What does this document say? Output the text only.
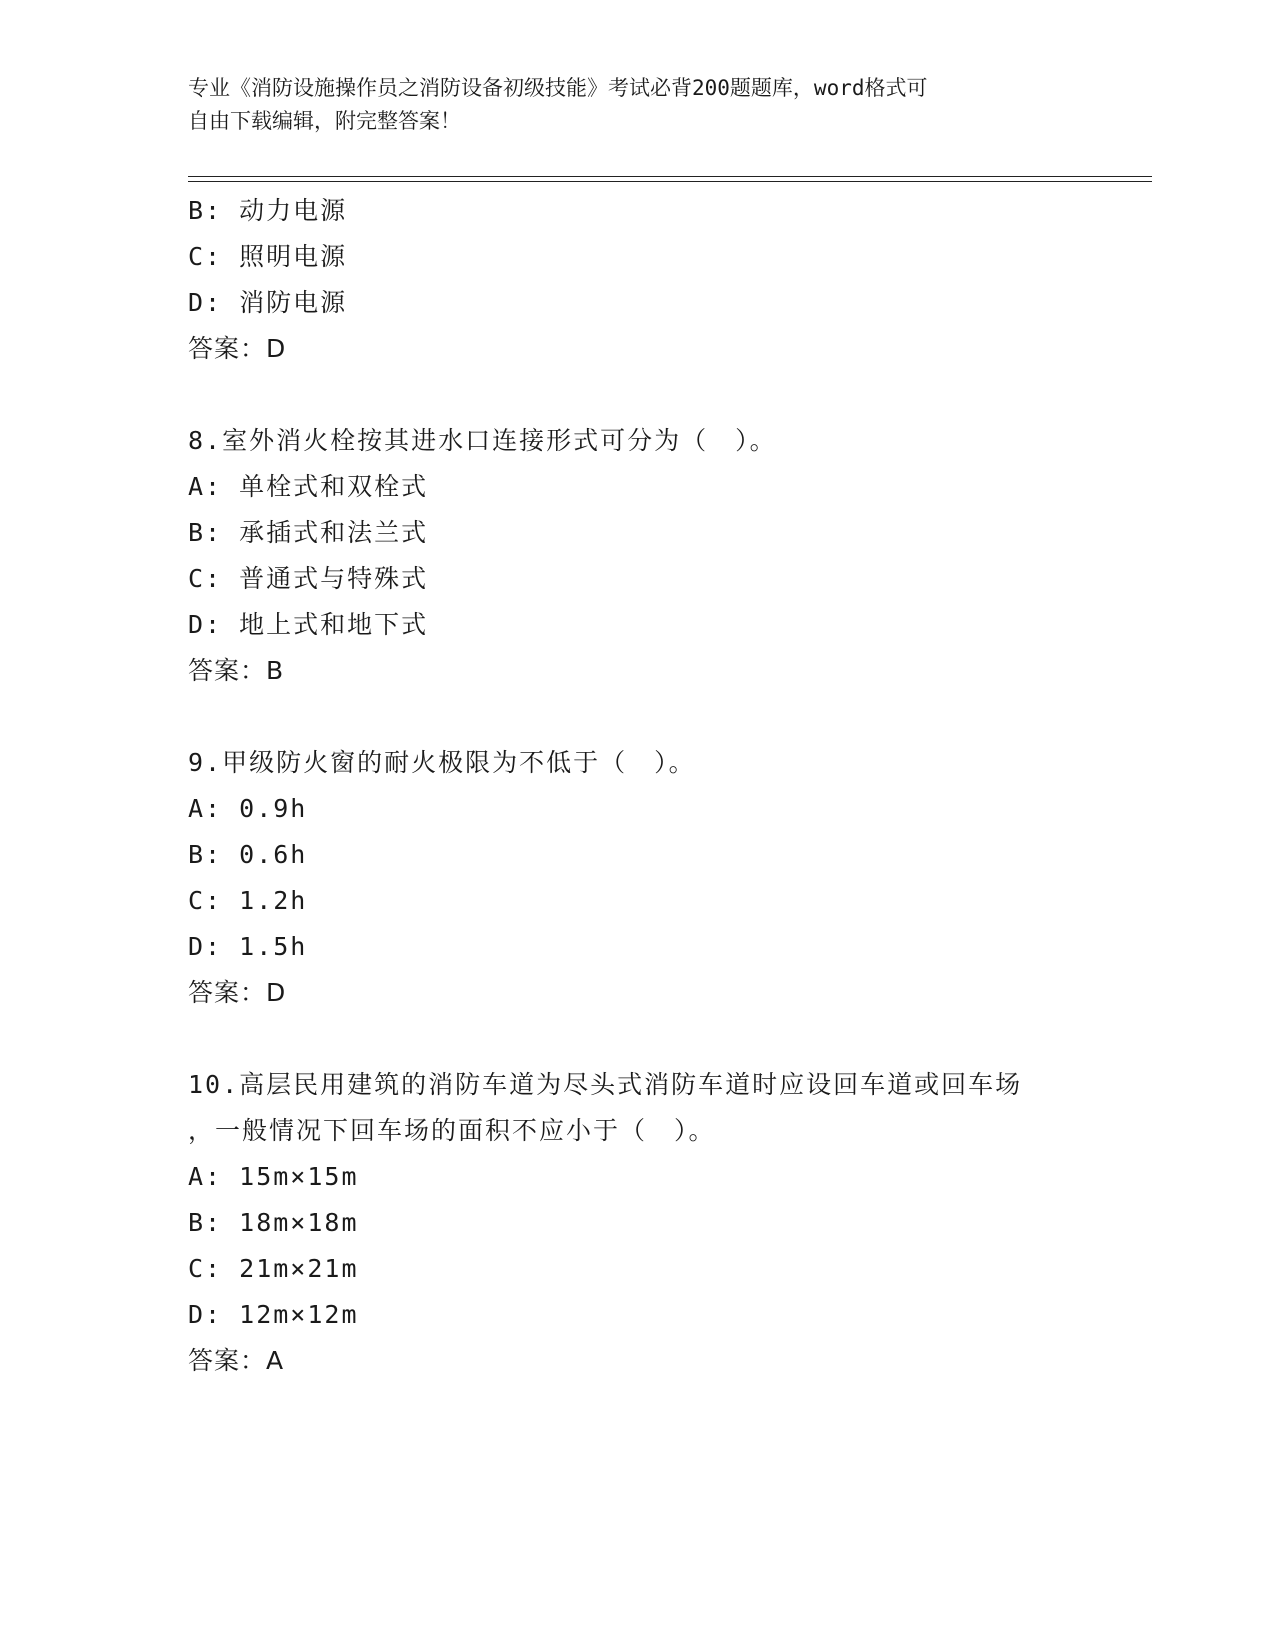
专业《消防设施操作员之消防设备初级技能》考试必背200题题库，word格式可
自由下载编辑，附完整答案！
B: 动力电源
C: 照明电源
D: 消防电源
答案：D
8.室外消火栓按其进水口连接形式可分为（　）。
A: 单栓式和双栓式
B: 承插式和法兰式
C: 普通式与特殊式
D: 地上式和地下式
答案：B
9.甲级防火窗的耐火极限为不低于（　）。
A: 0.9h
B: 0.6h
C: 1.2h
D: 1.5h
答案：D
10.高层民用建筑的消防车道为尽头式消防车道时应设回车道或回车场
，一般情况下回车场的面积不应小于（　）。
A: 15m×15m
B: 18m×18m
C: 21m×21m
D: 12m×12m
答案：A
